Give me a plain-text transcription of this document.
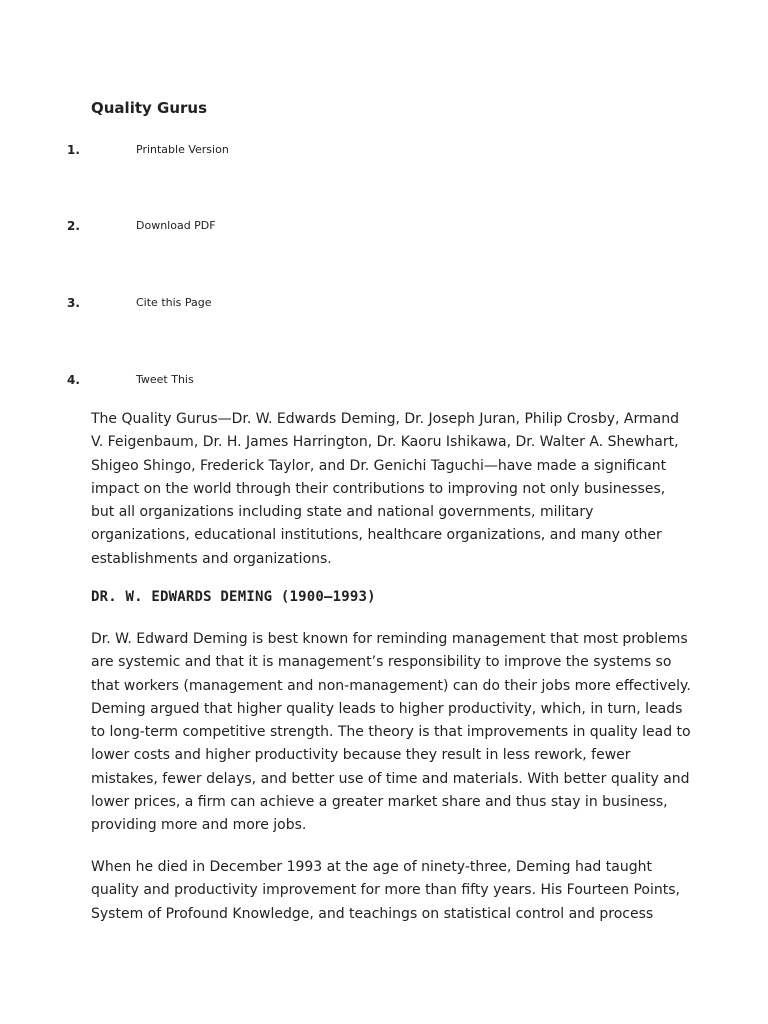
Quality Gurus
1.	Printable Version
2.	Download PDF
3.	Cite this Page
4.	Tweet This

The Quality Gurus—Dr. W. Edwards Deming, Dr. Joseph Juran, Philip Crosby, Armand V. Feigenbaum, Dr. H. James Harrington, Dr. Kaoru Ishikawa, Dr. Walter A. Shewhart, Shigeo Shingo, Frederick Taylor, and Dr. Genichi Taguchi—have made a significant impact on the world through their contributions to improving not only businesses, but all organizations including state and national governments, military organizations, educational institutions, healthcare organizations, and many other establishments and organizations.

DR. W. EDWARDS DEMING (1900–1993)

Dr. W. Edward Deming is best known for reminding management that most problems are systemic and that it is management’s responsibility to improve the systems so that workers (management and non-management) can do their jobs more effectively. Deming argued that higher quality leads to higher productivity, which, in turn, leads to long-term competitive strength. The theory is that improvements in quality lead to lower costs and higher productivity because they result in less rework, fewer mistakes, fewer delays, and better use of time and materials. With better quality and lower prices, a firm can achieve a greater market share and thus stay in business, providing more and more jobs.

When he died in December 1993 at the age of ninety-three, Deming had taught quality and productivity improvement for more than fifty years. His Fourteen Points, System of Profound Knowledge, and teachings on statistical control and process
